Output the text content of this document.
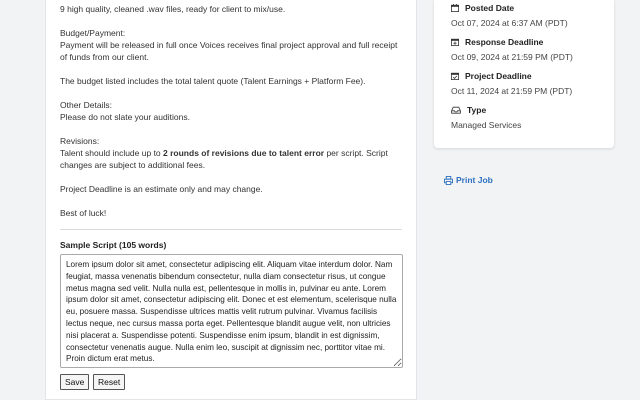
9 high quality, cleaned .wav files, ready for client to mix/use.

Budget/Payment:

Payment will be released in full once Voices receives final project approval and full receipt of funds from our client.

The budget listed includes the total talent quote (Talent Earnings + Platform Fee).

Other Details:

Please do not slate your auditions.

Revisions:

Talent should include up to 2 rounds of revisions due to talent error per script. Script changes are subject to additional fees.

Project Deadline is an estimate only and may change.

Best of luck!

Sample Script (105 words)
Lorem ipsum dolor sit amet, consectetur adipiscing elit. Aliquam vitae interdum dolor. Nam feugiat, massa venenatis bibendum consectetur, nulla diam consectetur risus, ut congue metus magna sed velit. Nulla nulla est, pellentesque in mollis in, pulvinar eu ante. Lorem ipsum dolor sit amet, consectetur adipiscing elit. Donec et est elementum, scelerisque nulla eu, posuere massa. Suspendisse ultrices mattis velit rutrum pulvinar. Vivamus facilisis lectus neque, nec cursus massa porta eget. Pellentesque blandit augue velit, non ultricies nisi placerat a. Suspendisse potenti. Suspendisse enim ipsum, blandit in est dignissim, consectetur venenatis augue. Nulla enim leo, suscipit at dignissim nec, porttitor vitae mi. Proin dictum erat metus.
Save	Reset
Posted Date
Oct 07, 2024 at 6:37 AM (PDT)
Response Deadline
Oct 09, 2024 at 21:59 PM (PDT)
Project Deadline
Oct 11, 2024 at 21:59 PM (PDT)
Type
Managed Services
Print Job
